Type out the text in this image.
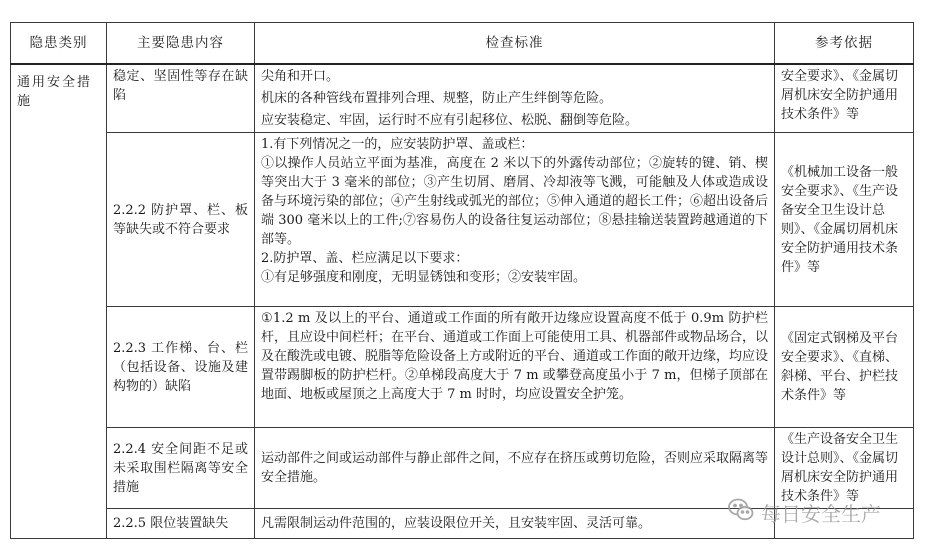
隐患类别	主要隐患内容	检查标准	参考依据
通用安全措施	稳定、坚固性等存在缺陷	尖角和开口。

机床的各种管线布置排列合理、规整，防止产生绊倒等危险。

应安装稳定、牢固，运行时不应有引起移位、松脱、翻倒等危险。	安全要求》、《金属切屑机床安全防护通用技术条件》等

	2.2.2 防护罩、栏、板等缺失或不符合要求	1.有下列情况之一的，应安装防护罩、盖或栏：

①以操作人员站立平面为基准，高度在 2 米以下的外露传动部位；②旋转的键、销、楔等突出大于 3 毫米的部位；③产生切屑、磨屑、冷却液等飞溅，可能触及人体或造成设备与环境污染的部位；④产生射线或弧光的部位；⑤伸入通道的超长工件；⑥超出设备后端 300 毫米以上的工件;⑦容易伤人的设备往复运动部位；⑧悬挂输送装置跨越通道的下部等。

2.防护罩、盖、栏应满足以下要求：

①有足够强度和刚度，无明显锈蚀和变形；②安装牢固。	《机械加工设备一般安全要求》、《生产设备安全卫生设计总则》、《金属切屑机床安全防护通用技术条件》等

	2.2.3 工作梯、台、栏（包括设备、设施及建构物的）缺陷	①1.2 m 及以上的平台、通道或工作面的所有敞开边缘应设置高度不低于 0.9m 防护栏杆，且应设中间栏杆；在平台、通道或工作面上可能使用工具、机器部件或物品场合，以及在酸洗或电镀、脱脂等危险设备上方或附近的平台、通道或工作面的敞开边缘，均应设置带踢脚板的防护栏杆。②单梯段高度大于 7 m 或攀登高度虽小于 7 m，但梯子顶部在地面、地板或屋顶之上高度大于 7 m 时时，均应设置安全护笼。	《固定式钢梯及平台安全要求》、《直梯、斜梯、平台、护栏技术条件》等

	2.2.4 安全间距不足或未采取围栏隔离等安全措施	运动部件之间或运动部件与静止部件之间，不应存在挤压或剪切危险，否则应采取隔离等安全措施。	《生产设备安全卫生设计总则》、《金属切屑机床安全防护通用技术条件》等

	2.2.5 限位装置缺失	凡需限制运动件范围的，应装设限位开关，且安装牢固、灵活可靠。	

		每日安全生产
